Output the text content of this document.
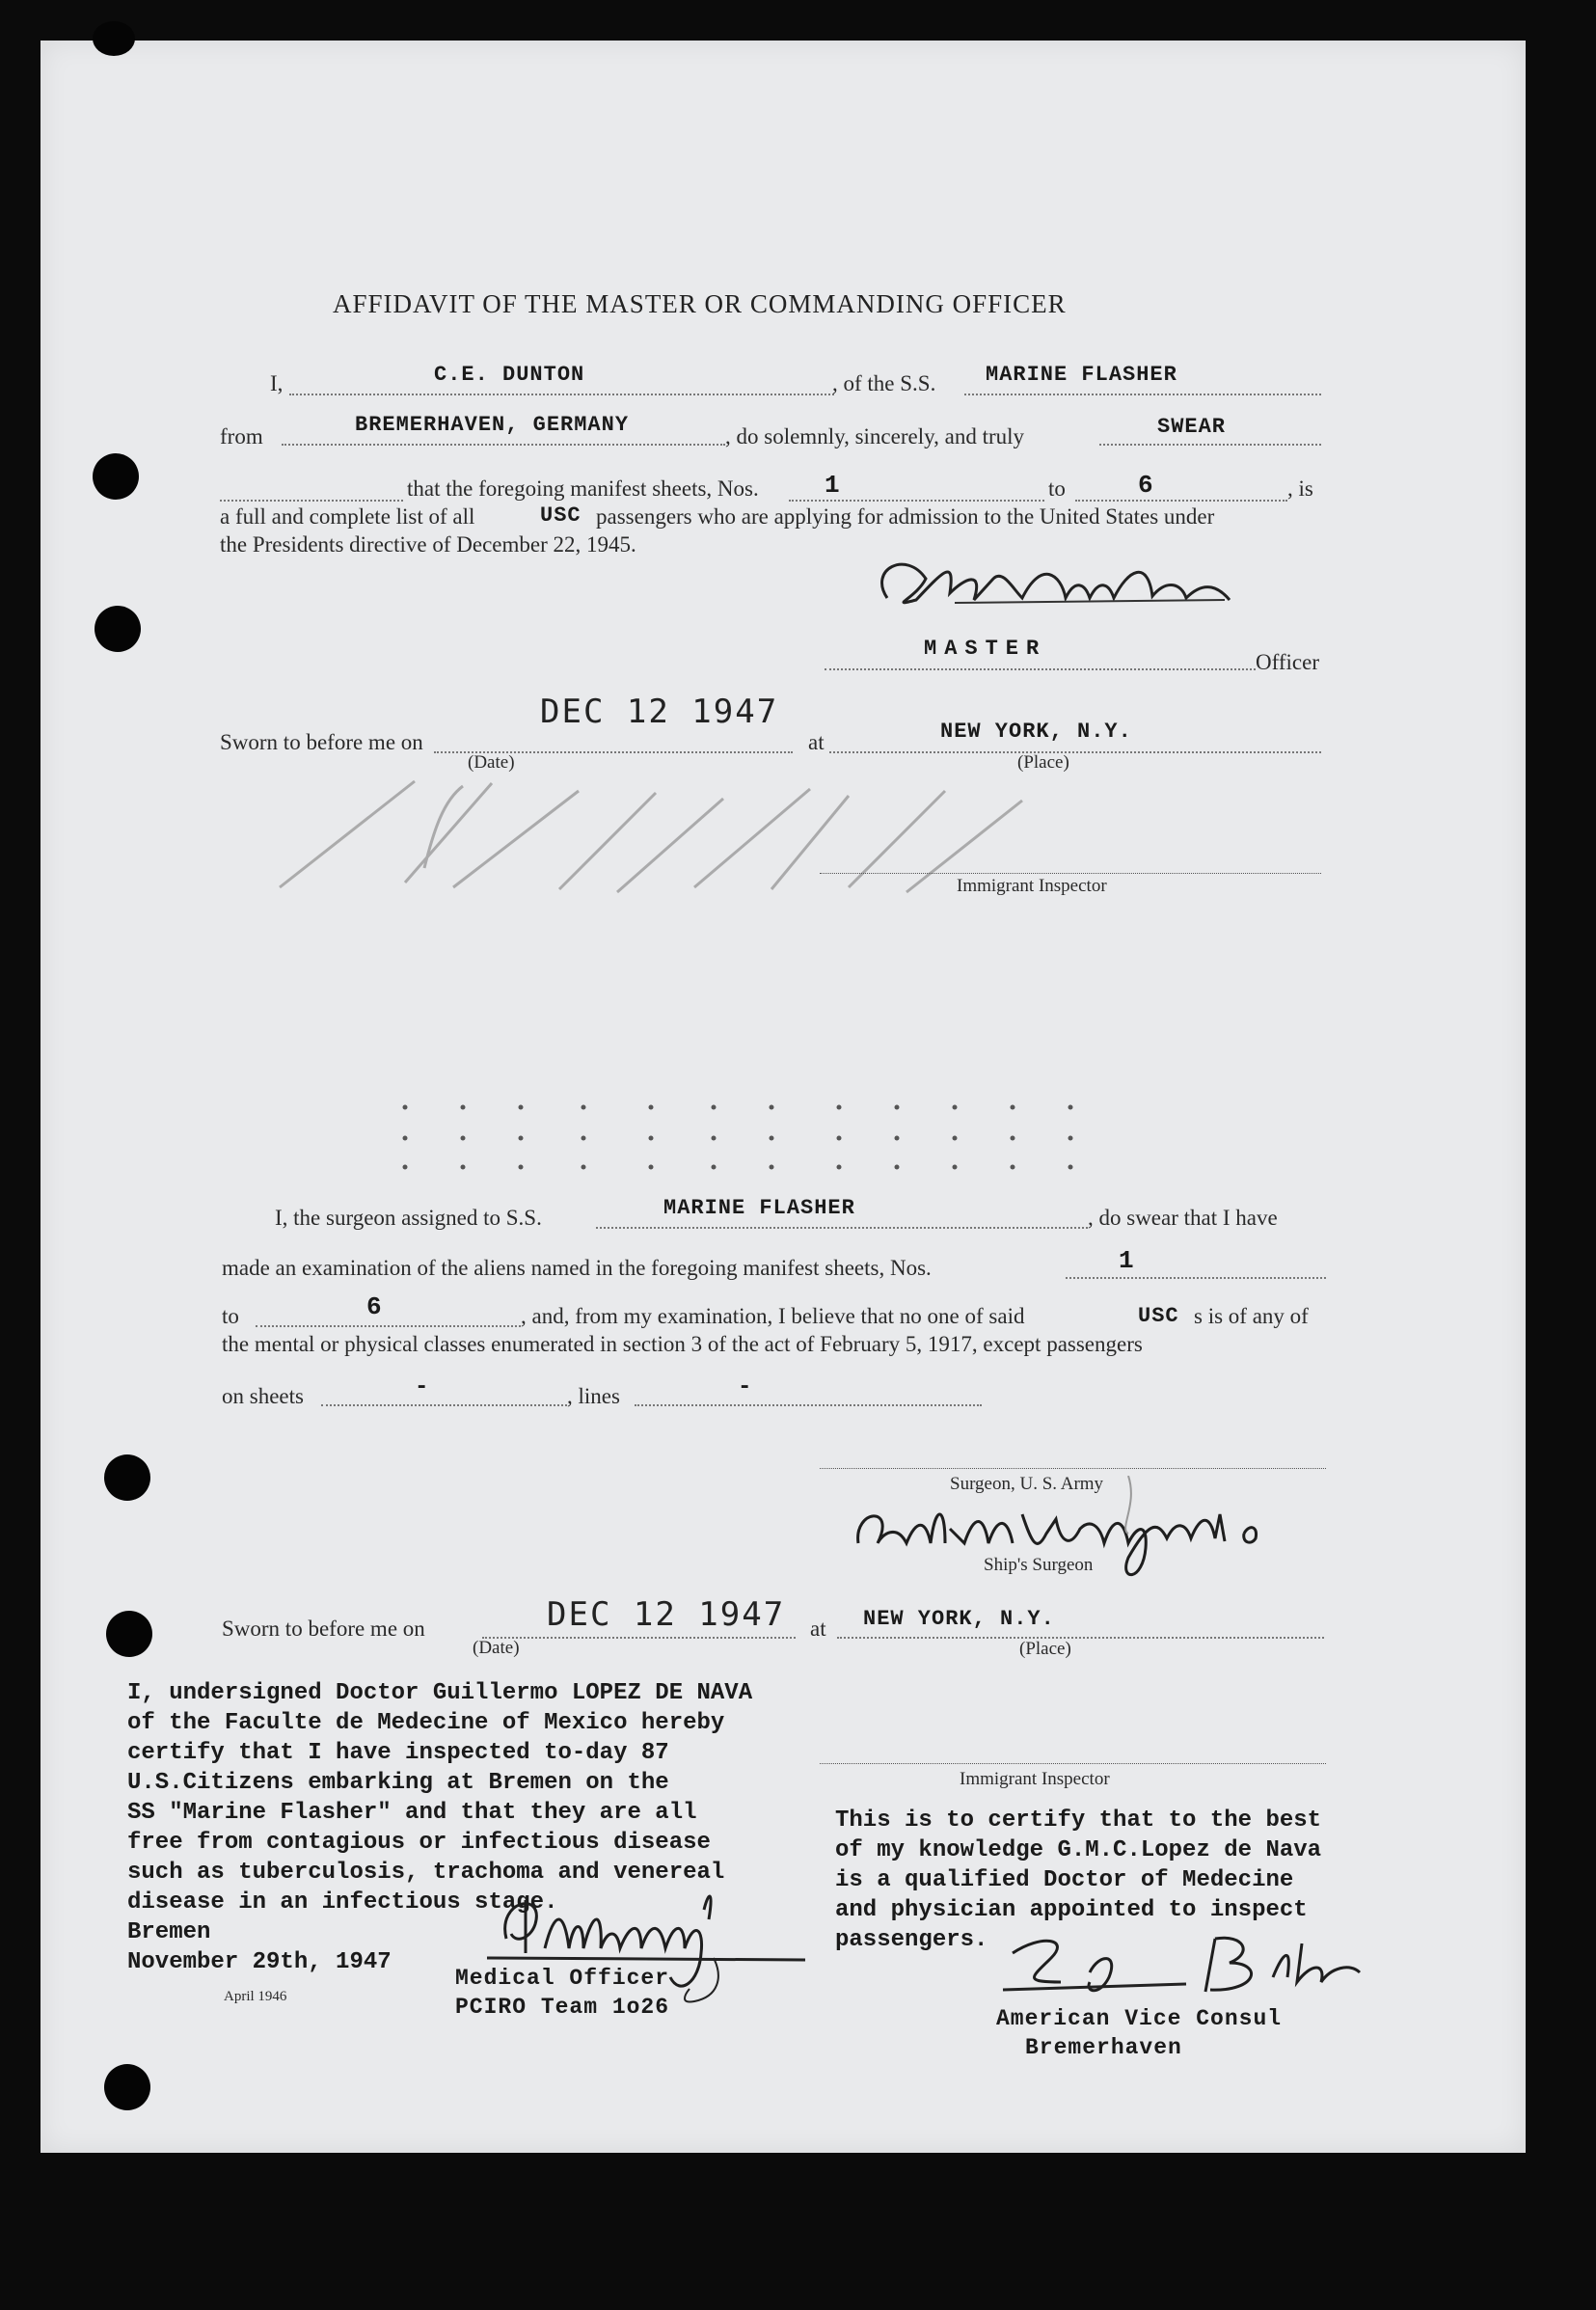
AFFIDAVIT OF THE MASTER OR COMMANDING OFFICER
I,	C.E. DUNTON	, of the S.S. MARINE FLASHER
from	BREMERHAVEN, GERMANY	, do solemnly, sincerely, and truly	SWEAR
that the foregoing manifest sheets, Nos.	1	to	6	, is
a full and complete list of all	USC passengers who are applying for admission to the United States under
the Presidents directive of December 22, 1945.
MASTER
Officer
Sworn to before me on
DEC 12 1947
(Date)
at	NEW YORK, N.Y.
(Place)
Immigrant Inspector
I, the surgeon assigned to S.S.	MARINE FLASHER	, do swear that I have
made an examination of the aliens named in the foregoing manifest sheets, Nos.	1
to	6	, and, from my examination, I believe that no one of said	USC s is of any of
the mental or physical classes enumerated in section 3 of the act of February 5, 1917, except passengers
on sheets	-	, lines	-
Surgeon, U. S. Army
Ship's Surgeon
Sworn to before me on	DEC 12 1947
(Date)
at NEW YORK, N.Y.
(Place)
Immigrant Inspector
I, undersigned Doctor Guillermo LOPEZ DE NAVA
of the Faculte de Medecine of Mexico hereby
certify that I have inspected to-day 87
U.S.Citizens embarking at Bremen on the
SS "Marine Flasher" and that they are all
free from contagious or infectious disease
such as tuberculosis, trachoma and venereal
disease in an infectious stage.
Bremen
November 29th, 1947
April 1946
Medical Officer
PCIRO Team 1o26
This is to certify that to the best
of my knowledge G.M.C.Lopez de Nava
is a qualified Doctor of Medecine
and physician appointed to inspect
passengers.
American Vice Consul
Bremerhaven
